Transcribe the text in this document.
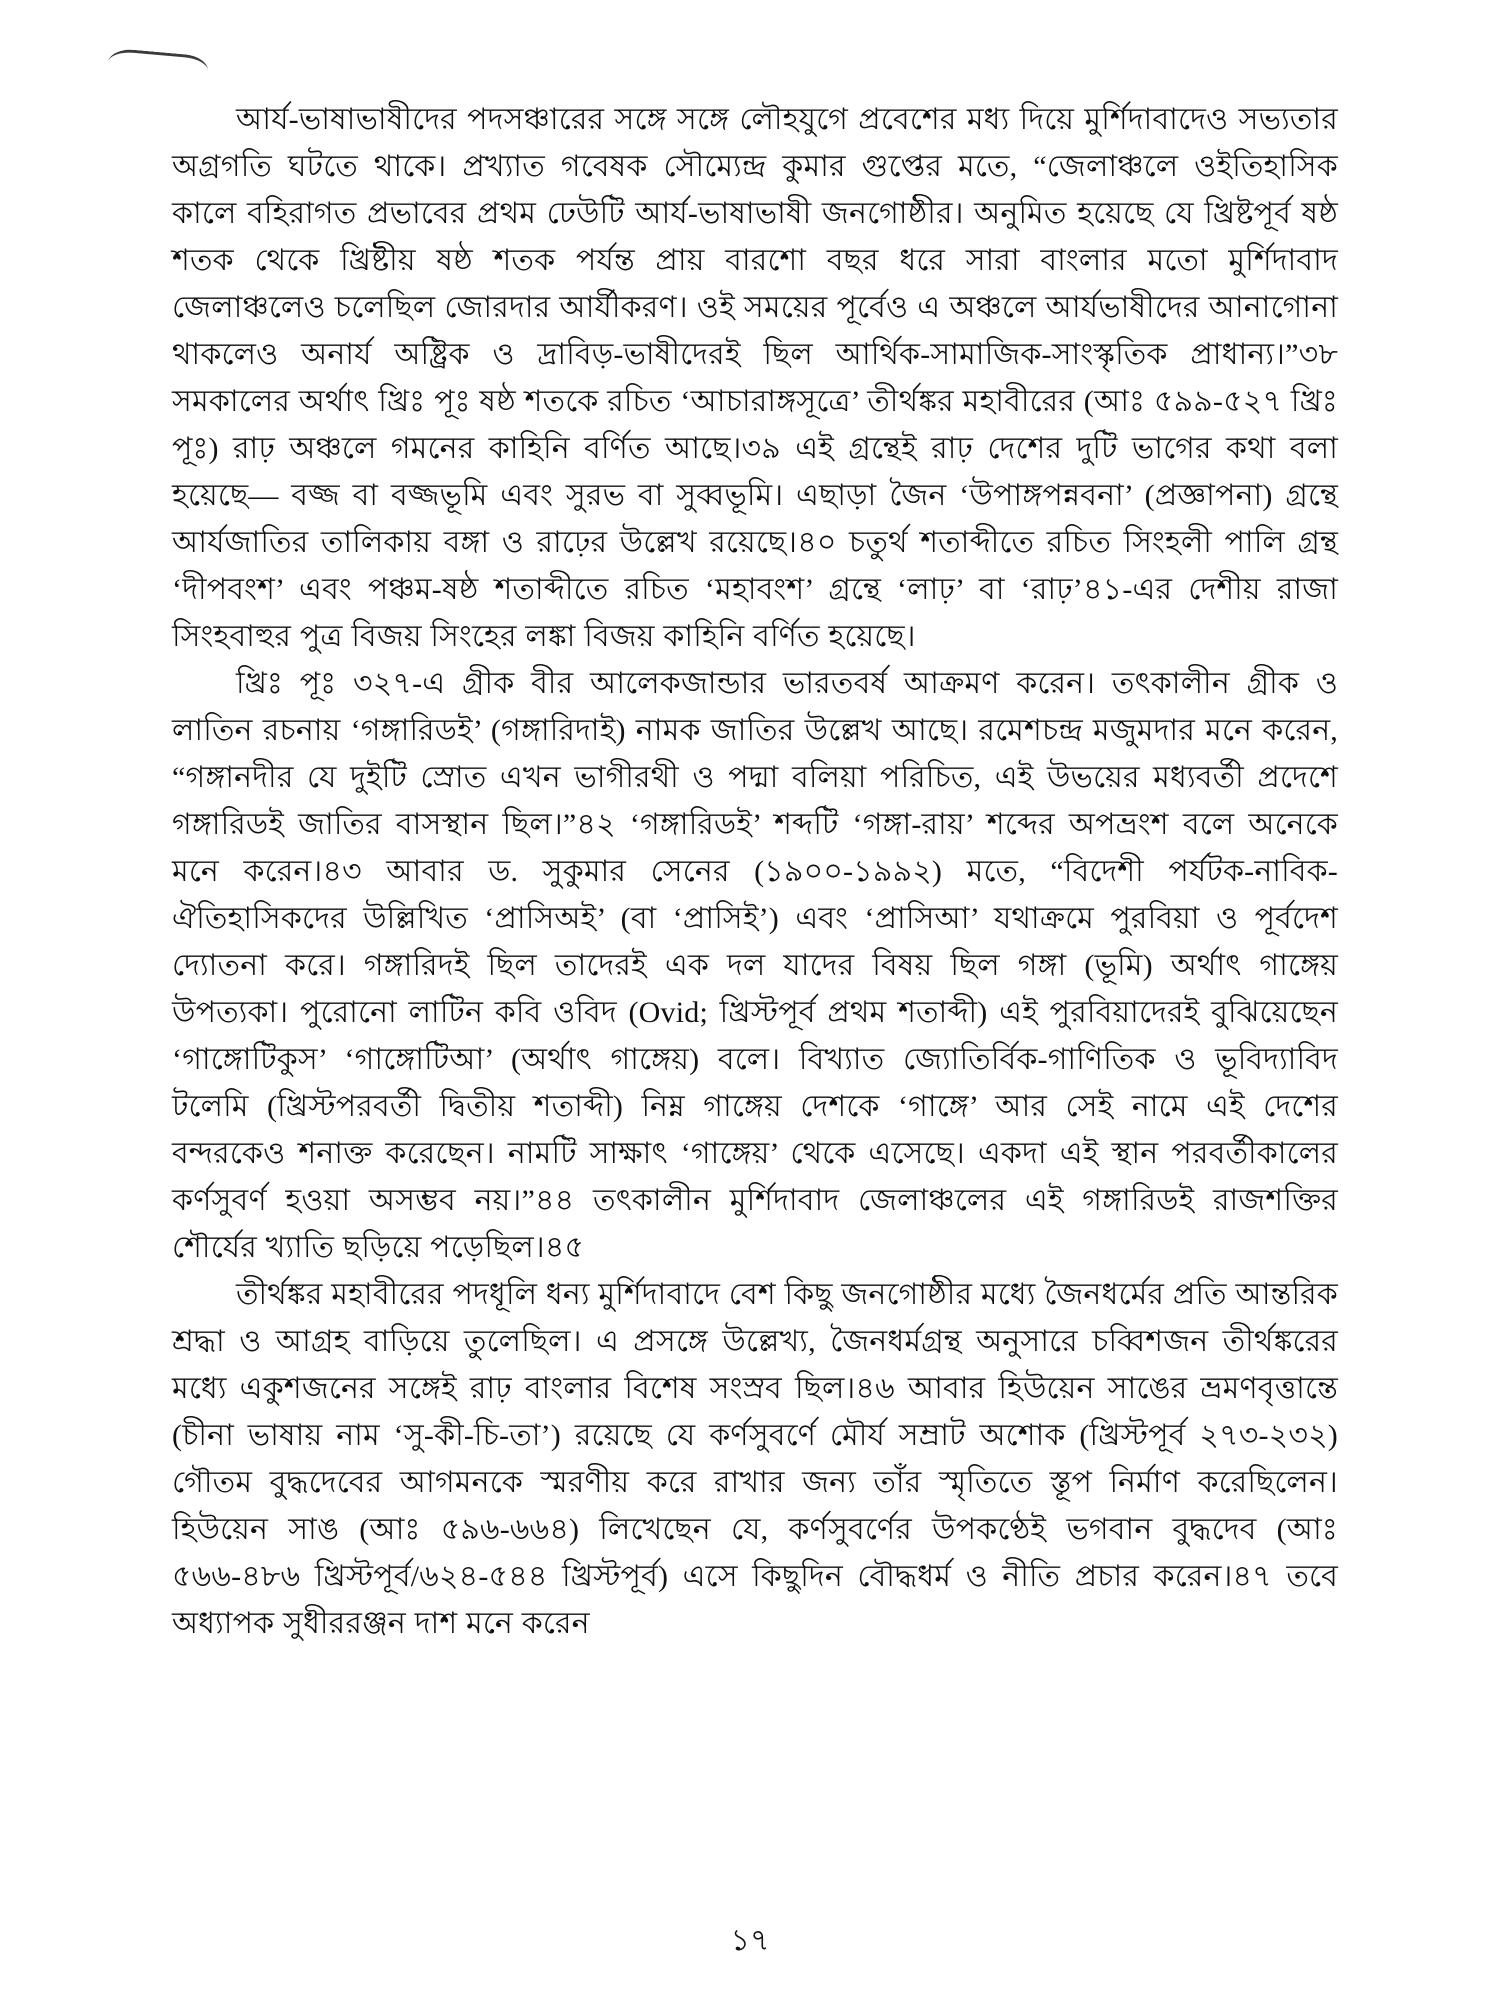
আর্য-ভাষাভাষীদের পদসঞ্চারের সঙ্গে সঙ্গে লৌহযুগে প্রবেশের মধ্য দিয়ে মুর্শিদাবাদেও সভ্যতার অগ্রগতি ঘটতে থাকে। প্রখ্যাত গবেষক সৌম্যেন্দ্র কুমার গুপ্তের মতে, “জেলাঞ্চলে ওইতিহাসিক কালে বহিরাগত প্রভাবের প্রথম ঢেউটি আর্য-ভাষাভাষী জনগোষ্ঠীর। অনুমিত হয়েছে যে খ্রিষ্টপূর্ব ষষ্ঠ শতক থেকে খ্রিষ্টীয় ষষ্ঠ শতক পর্যন্ত প্রায় বারশো বছর ধরে সারা বাংলার মতো মুর্শিদাবাদ জেলাঞ্চলেও চলেছিল জোরদার আর্যীকরণ। ওই সময়ের পূর্বেও এ অঞ্চলে আর্যভাষীদের আনাগোনা থাকলেও অনার্য অষ্ট্রিক ও দ্রাবিড়-ভাষীদেরই ছিল আর্থিক-সামাজিক-সাংস্কৃতিক প্রাধান্য।”৩৮ সমকালের অর্থাৎ খ্রিঃ পূঃ ষষ্ঠ শতকে রচিত ‘আচারাঙ্গসূত্রে’ তীর্থঙ্কর মহাবীরের (আঃ ৫৯৯-৫২৭ খ্রিঃ পূঃ) রাঢ় অঞ্চলে গমনের কাহিনি বর্ণিত আছে।৩৯ এই গ্রন্থেই রাঢ় দেশের দুটি ভাগের কথা বলা হয়েছে— বজ্জ বা বজ্জভূমি এবং সুরভ বা সুব্বভূমি। এছাড়া জৈন ‘উপাঙ্গপন্নবনা’ (প্রজ্ঞাপনা) গ্রন্থে আর্যজাতির তালিকায় বঙ্গা ও রাঢ়ের উল্লেখ রয়েছে।৪০ চতুর্থ শতাব্দীতে রচিত সিংহলী পালি গ্রন্থ ‘দীপবংশ’ এবং পঞ্চম-ষষ্ঠ শতাব্দীতে রচিত ‘মহাবংশ’ গ্রন্থে ‘লাঢ়’ বা ‘রাঢ়’৪১-এর দেশীয় রাজা সিংহবাহুর পুত্র বিজয় সিংহের লঙ্কা বিজয় কাহিনি বর্ণিত হয়েছে।

খ্রিঃ পূঃ ৩২৭-এ গ্রীক বীর আলেকজান্ডার ভারতবর্ষ আক্রমণ করেন। তৎকালীন গ্রীক ও লাতিন রচনায় ‘গঙ্গারিডই’ (গঙ্গারিদাই) নামক জাতির উল্লেখ আছে। রমেশচন্দ্র মজুমদার মনে করেন, “গঙ্গানদীর যে দুইটি স্রোত এখন ভাগীরথী ও পদ্মা বলিয়া পরিচিত, এই উভয়ের মধ্যবর্তী প্রদেশে গঙ্গারিডই জাতির বাসস্থান ছিল।”৪২ ‘গঙ্গারিডই’ শব্দটি ‘গঙ্গা-রায়’ শব্দের অপভ্রংশ বলে অনেকে মনে করেন।৪৩ আবার ড. সুকুমার সেনের (১৯০০-১৯৯২) মতে, “বিদেশী পর্যটক-নাবিক-ঐতিহাসিকদের উল্লিখিত ‘প্রাসিঅই’ (বা ‘প্রাসিই’) এবং ‘প্রাসিআ’ যথাক্রমে পুরবিয়া ও পূর্বদেশ দ্যোতনা করে। গঙ্গারিদই ছিল তাদেরই এক দল যাদের বিষয় ছিল গঙ্গা (ভূমি) অর্থাৎ গাঙ্গেয় উপত্যকা। পুরোনো লাটিন কবি ওবিদ (Ovid; খ্রিস্টপূর্ব প্রথম শতাব্দী) এই পুরবিয়াদেরই বুঝিয়েছেন ‘গাঙ্গোটিকুস’ ‘গাঙ্গোটিআ’ (অর্থাৎ গাঙ্গেয়) বলে। বিখ্যাত জ্যোতির্বিক-গাণিতিক ও ভূবিদ্যাবিদ টলেমি (খ্রিস্টপরবর্তী দ্বিতীয় শতাব্দী) নিম্ন গাঙ্গেয় দেশকে ‘গাঙ্গে’ আর সেই নামে এই দেশের বন্দরকেও শনাক্ত করেছেন। নামটি সাক্ষাৎ ‘গাঙ্গেয়’ থেকে এসেছে। একদা এই স্থান পরবর্তীকালের কর্ণসুবর্ণ হওয়া অসম্ভব নয়।”৪৪ তৎকালীন মুর্শিদাবাদ জেলাঞ্চলের এই গঙ্গারিডই রাজশক্তির শৌর্যের খ্যাতি ছড়িয়ে পড়েছিল।৪৫

তীর্থঙ্কর মহাবীরের পদধূলি ধন্য মুর্শিদাবাদে বেশ কিছু জনগোষ্ঠীর মধ্যে জৈনধর্মের প্রতি আন্তরিক শ্রদ্ধা ও আগ্রহ বাড়িয়ে তুলেছিল। এ প্রসঙ্গে উল্লেখ্য, জৈনধর্মগ্রন্থ অনুসারে চব্বিশজন তীর্থঙ্করের মধ্যে একুশজনের সঙ্গেই রাঢ় বাংলার বিশেষ সংস্রব ছিল।৪৬ আবার হিউয়েন সাঙের ভ্রমণবৃত্তান্তে (চীনা ভাষায় নাম ‘সু-কী-চি-তা’) রয়েছে যে কর্ণসুবর্ণে মৌর্য সম্রাট অশোক (খ্রিস্টপূর্ব ২৭৩-২৩২) গৌতম বুদ্ধদেবের আগমনকে স্মরণীয় করে রাখার জন্য তাঁর স্মৃতিতে স্তূপ নির্মাণ করেছিলেন। হিউয়েন সাঙ (আঃ ৫৯৬-৬৬৪) লিখেছেন যে, কর্ণসুবর্ণের উপকণ্ঠেই ভগবান বুদ্ধদেব (আঃ ৫৬৬-৪৮৬ খ্রিস্টপূর্ব/৬২৪-৫৪৪ খ্রিস্টপূর্ব) এসে কিছুদিন বৌদ্ধধর্ম ও নীতি প্রচার করেন।৪৭ তবে অধ্যাপক সুধীররঞ্জন দাশ মনে করেন

১৭
